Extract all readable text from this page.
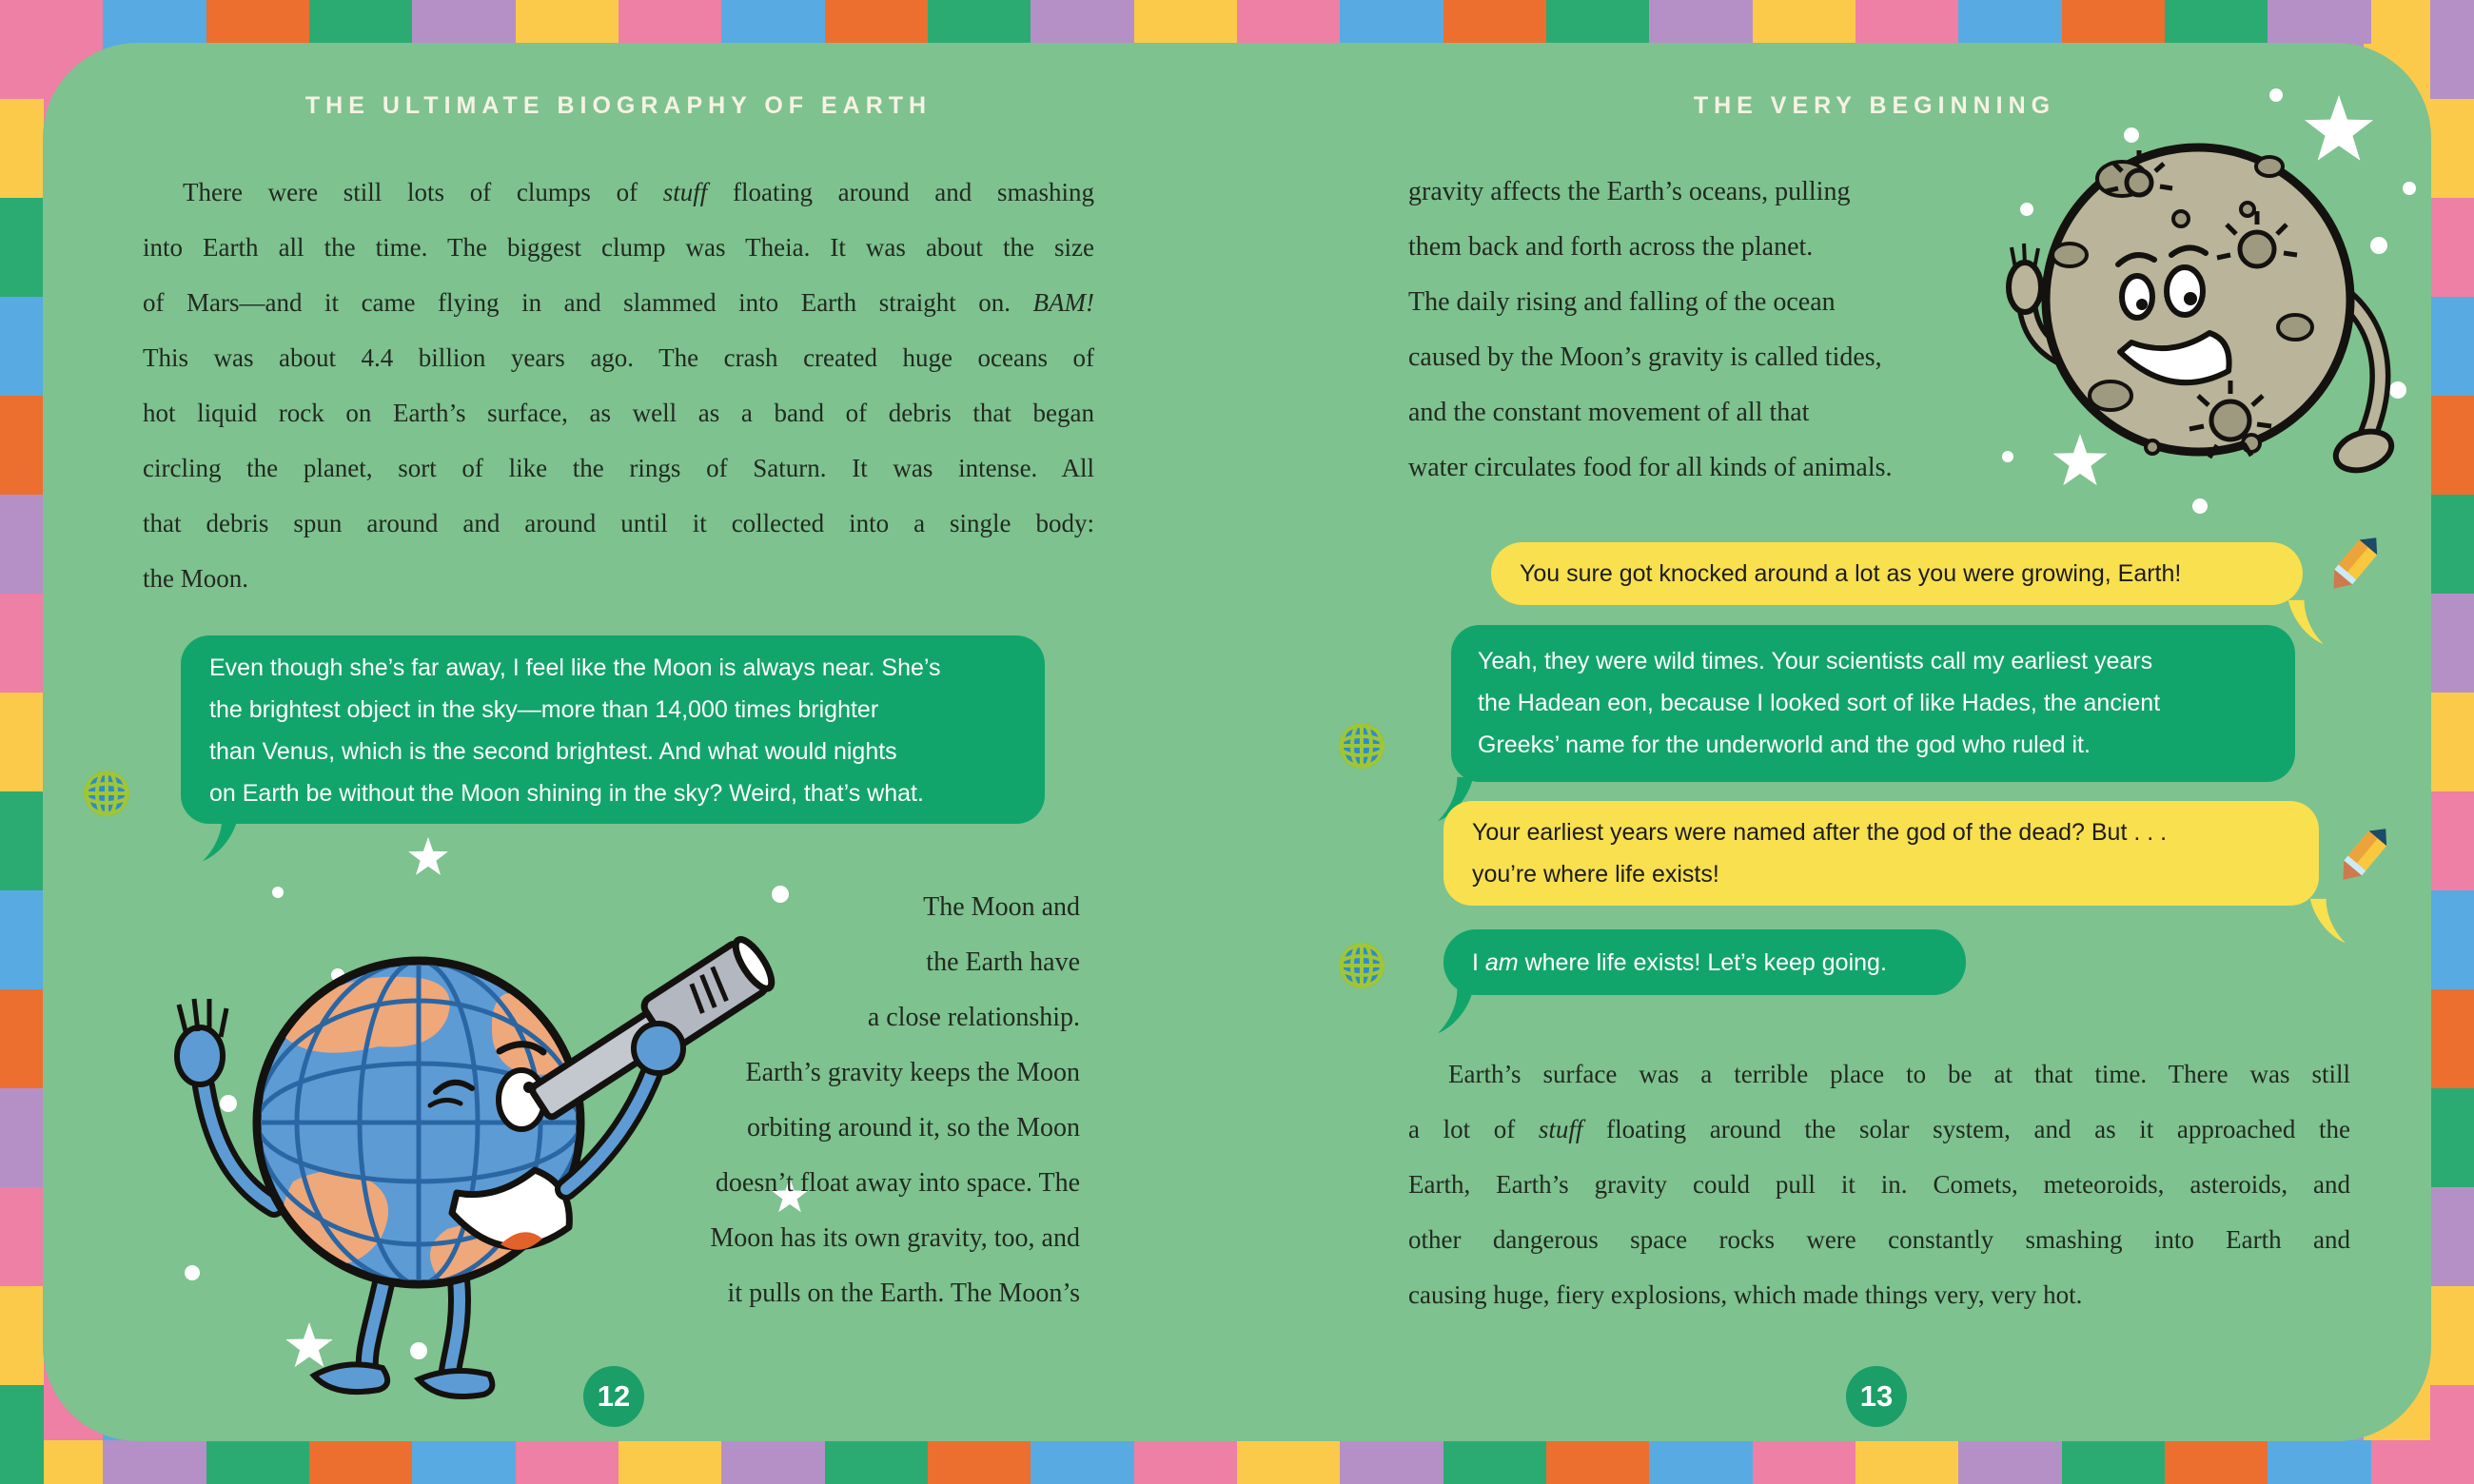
THE ULTIMATE BIOGRAPHY OF EARTH
There were still lots of clumps of stuff floating around and smashing
into Earth all the time. The biggest clump was Theia. It was about the size
of Mars—and it came flying in and slammed into Earth straight on. BAM!
This was about 4.4 billion years ago. The crash created huge oceans of
hot liquid rock on Earth’s surface, as well as a band of debris that began
circling the planet, sort of like the rings of Saturn. It was intense. All
that debris spun around and around until it collected into a single body:
the Moon.
Even though she’s far away, I feel like the Moon is always near. She’s
the brightest object in the sky—more than 14,000 times brighter
than Venus, which is the second brightest. And what would nights
on Earth be without the Moon shining in the sky? Weird, that’s what.
The Moon and
the Earth have
a close relationship.
Earth’s gravity keeps the Moon
orbiting around it, so the Moon
doesn’t float away into space. The
Moon has its own gravity, too, and
it pulls on the Earth. The Moon’s
12
THE VERY BEGINNING
gravity affects the Earth’s oceans, pulling
them back and forth across the planet.
The daily rising and falling of the ocean
caused by the Moon’s gravity is called tides,
and the constant movement of all that
water circulates food for all kinds of animals.
You sure got knocked around a lot as you were growing, Earth!
Yeah, they were wild times. Your scientists call my earliest years
the Hadean eon, because I looked sort of like Hades, the ancient
Greeks’ name for the underworld and the god who ruled it.
Your earliest years were named after the god of the dead? But . . .
you’re where life exists!
I am where life exists! Let’s keep going.
Earth’s surface was a terrible place to be at that time. There was still
a lot of stuff floating around the solar system, and as it approached the
Earth, Earth’s gravity could pull it in. Comets, meteoroids, asteroids, and
other dangerous space rocks were constantly smashing into Earth and
causing huge, fiery explosions, which made things very, very hot.
13
